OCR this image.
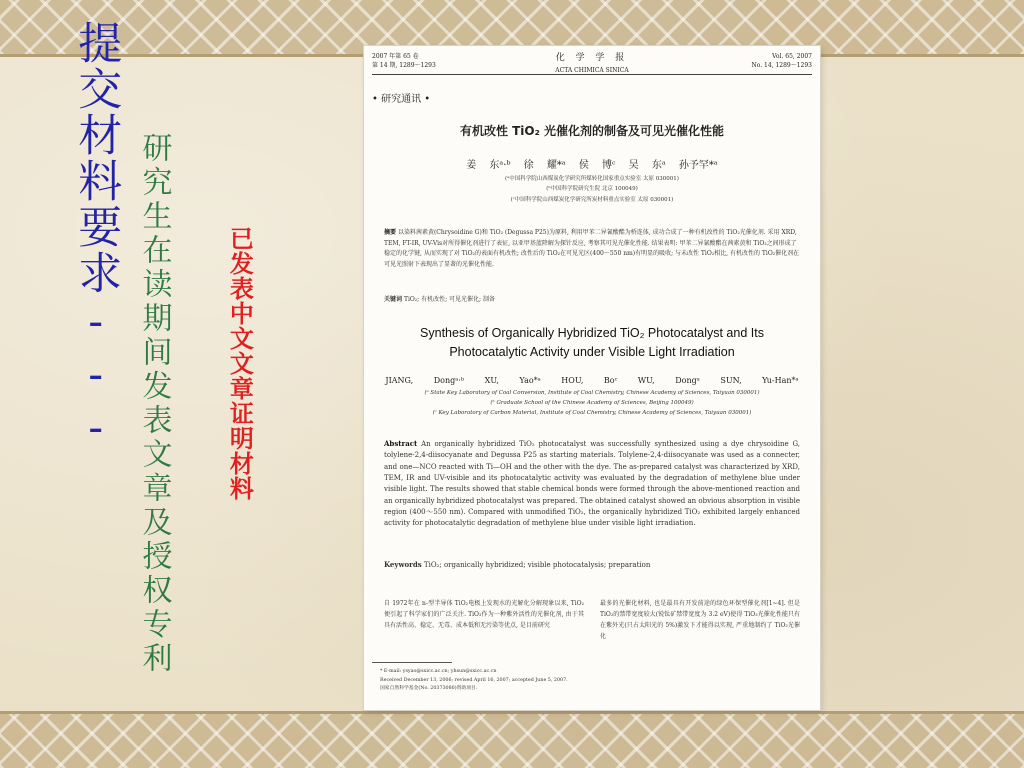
提交材料要求--- 研究生在读期间发表文章及授权专利 已发表中文文章证明材料
2007 年第 65 卷
第 14 期, 1289～1293
化 学 学 报
ACTA CHIMICA SINICA
Vol. 65, 2007
No. 14, 1289～1293
• 研究通讯 •
有机改性 TiO₂ 光催化剂的制备及可见光催化性能
姜 东ᵃ·ᵇ 徐 耀*ᵃ 侯 博ᶜ 吴 东ᵃ 孙予罕*ᵃ
(ᵃ中国科学院山西煤炭化学研究所煤转化国家重点实验室 太原 030001)
(ᵇ中国科学院研究生院 北京 100049)
(ᶜ中国科学院山西煤炭化学研究所炭材料重点实验室 太原 030001)
摘要 以染料茜素黄(Chrysoidine G)和 TiO₂ (Degussa P25)为原料, 利用甲苯二异氰酸酯为桥连体, 成功合成了一种有机改性的 TiO₂光催化剂. 采用 XRD, TEM, FT-IR, UV-Vis对所得催化剂进行了表征, 以亚甲基蓝降解为探针反应, 考察其可见光催化性能. 结果表明: 甲苯二异氰酸酯在茜素黄和 TiO₂之间形成了稳定的化学键, 从而实现了对 TiO₂的表面有机改性; 改性后的 TiO₂在可见光区(400～550 nm)有明显的吸收; 与未改性 TiO₂相比, 有机改性的 TiO₂催化剂在可见光照射下表现出了显著的光催化性能.
关键词 TiO₂; 有机改性; 可见光催化; 制备
Synthesis of Organically Hybridized TiO₂ Photocatalyst and Its
Photocatalytic Activity under Visible Light Irradiation
JIANG, Dongᵃ·ᵇ XU, Yao*ᵃ HOU, Boᶜ WU, Dongᵃ SUN, Yu-Han*ᵃ
(ᵃ State Key Laboratory of Coal Conversion, Institute of Coal Chemistry, Chinese Academy of Sciences, Taiyuan 030001)
(ᵇ Graduate School of the Chinese Academy of Sciences, Beijing 100049)
(ᶜ Key Laboratory of Carbon Material, Institute of Coal Chemistry, Chinese Academy of Sciences, Taiyuan 030001)
Abstract An organically hybridized TiO₂ photocatalyst was successfully synthesized using a dye chrysoidine G, tolylene-2,4-diisocyanate and Degussa P25 as starting materials. Tolylene-2,4-diisocyanate was used as a connecter, and one—NCO reacted with Ti—OH and the other with the dye. The as-prepared catalyst was characterized by XRD, TEM, IR and UV-visible and its photocatalytic activity was evaluated by the degradation of methylene blue under visible light. The results showed that stable chemical bonds were formed through the above-mentioned reaction and an organically hybridized photocatalyst was prepared. The obtained catalyst showed an obvious absorption in visible region (400～550 nm). Compared with unmodified TiO₂, the organically hybridized TiO₂ exhibited largely enhanced activity for photocatalytic degradation of methylene blue under visible light irradiation.
Keywords TiO₂; organically hybridized; visible photocatalysis; preparation
自 1972年在 n-型半导体 TiO₂电极上发现水的光解化分解现象以来, TiO₂便引起了科学家们的广泛关注. TiO₂作为一种紫外活性的光催化剂, 由于其具有活性高、稳定、无毒、成本低和无污染等优点, 是目前研究
最多的光催化材料, 也是最具有开发前途的绿色环保型催化剂[1~4]. 但是 TiO₂的禁带宽度较大(锐钛矿禁带宽度为 3.2 eV)使得 TiO₂光催化性能只有在紫外光(只占太阳光的 5%)激发下才能得以实现, 严重地制约了 TiO₂光催化
* E-mail: ysyao@sxicc.ac.cn; yhsun@sxicc.ac.cn
Received December 13, 2006; revised April 16, 2007; accepted June 5, 2007.
国家自然科学基金(No. 20373080)资助项目.
